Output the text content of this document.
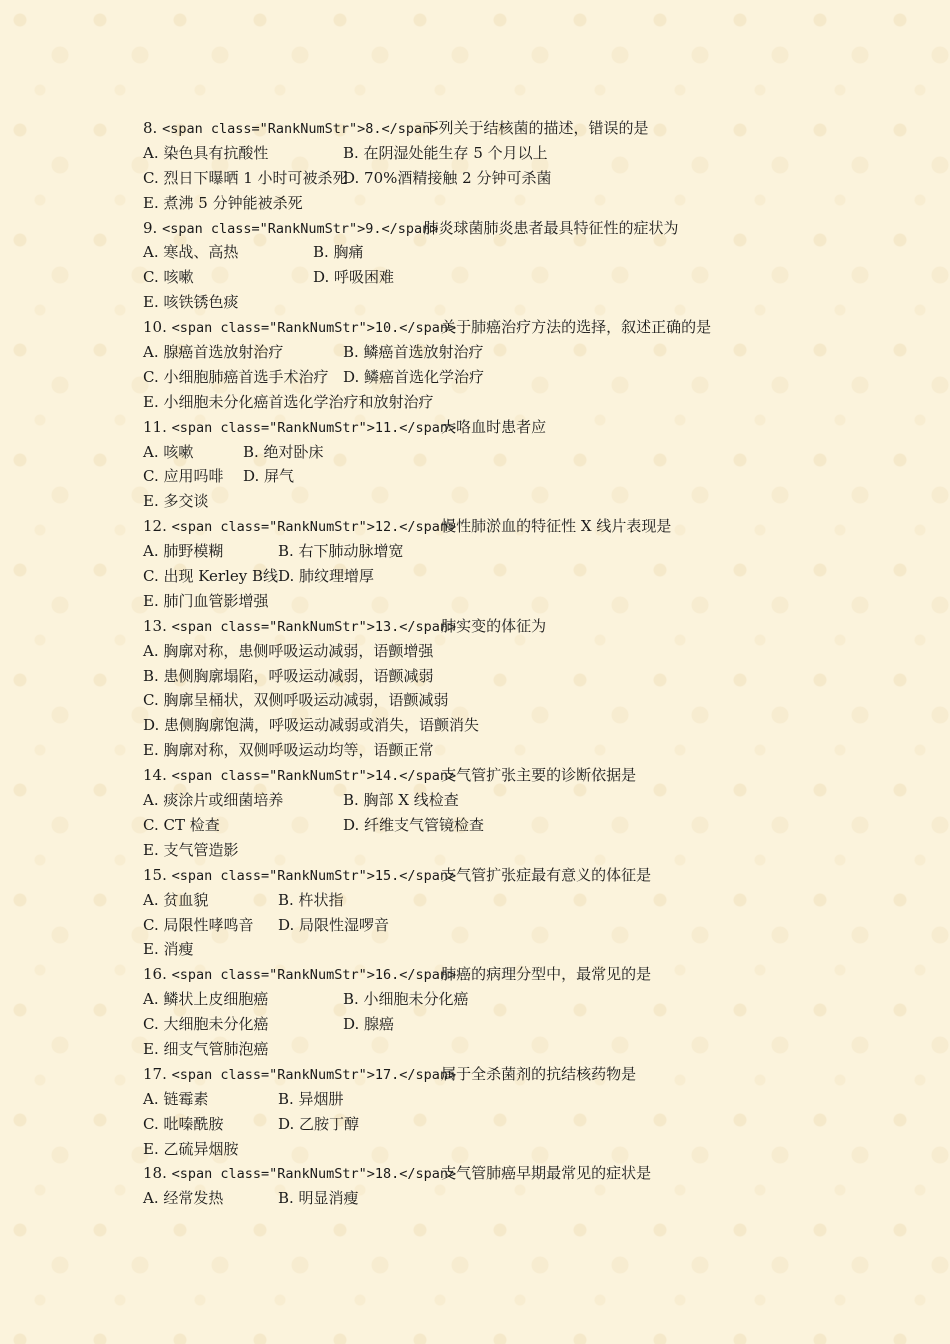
8. <span class="RankNumStr">8.</span>下列关于结核菌的描述，错误的是
A. 染色具有抗酸性	B. 在阴湿处能生存 5 个月以上
C. 烈日下曝晒 1 小时可被杀死D. 70%酒精接触 2 分钟可杀菌
E. 煮沸 5 分钟能被杀死
9. <span class="RankNumStr">9.</span>肺炎球菌肺炎患者最具特征性的症状为
A. 寒战、高热	B. 胸痛
C. 咳嗽	D. 呼吸困难
E. 咳铁锈色痰
10. <span class="RankNumStr">10.</span>关于肺癌治疗方法的选择，叙述正确的是
A. 腺癌首选放射治疗	B. 鳞癌首选放射治疗
C. 小细胞肺癌首选手术治疗 D. 鳞癌首选化学治疗
E. 小细胞未分化癌首选化学治疗和放射治疗
11. <span class="RankNumStr">11.</span>大咯血时患者应
A. 咳嗽	B. 绝对卧床
C. 应用吗啡 D. 屏气
E. 多交谈
12. <span class="RankNumStr">12.</span>慢性肺淤血的特征性 X 线片表现是
A. 肺野模糊	B. 右下肺动脉增宽
C. 出现 Kerley B线D. 肺纹理增厚
E. 肺门血管影增强
13. <span class="RankNumStr">13.</span>肺实变的体征为
A. 胸廓对称，患侧呼吸运动减弱，语颤增强
B. 患侧胸廓塌陷，呼吸运动减弱，语颤减弱
C. 胸廓呈桶状，双侧呼吸运动减弱，语颤减弱
D. 患侧胸廓饱满，呼吸运动减弱或消失，语颤消失
E. 胸廓对称，双侧呼吸运动均等，语颤正常
14. <span class="RankNumStr">14.</span>支气管扩张主要的诊断依据是
A. 痰涂片或细菌培养	B. 胸部 X 线检查
C. CT 检查	D. 纤维支气管镜检查
E. 支气管造影
15. <span class="RankNumStr">15.</span>支气管扩张症最有意义的体征是
A. 贫血貌	B. 杵状指
C. 局限性哮鸣音 D. 局限性湿啰音
E. 消瘦
16. <span class="RankNumStr">16.</span>肺癌的病理分型中，最常见的是
A. 鳞状上皮细胞癌	B. 小细胞未分化癌
C. 大细胞未分化癌	D. 腺癌
E. 细支气管肺泡癌
17. <span class="RankNumStr">17.</span>属于全杀菌剂的抗结核药物是
A. 链霉素	B. 异烟肼
C. 吡嗪酰胺	D. 乙胺丁醇
E. 乙硫异烟胺
18. <span class="RankNumStr">18.</span>支气管肺癌早期最常见的症状是
A. 经常发热	B. 明显消瘦
